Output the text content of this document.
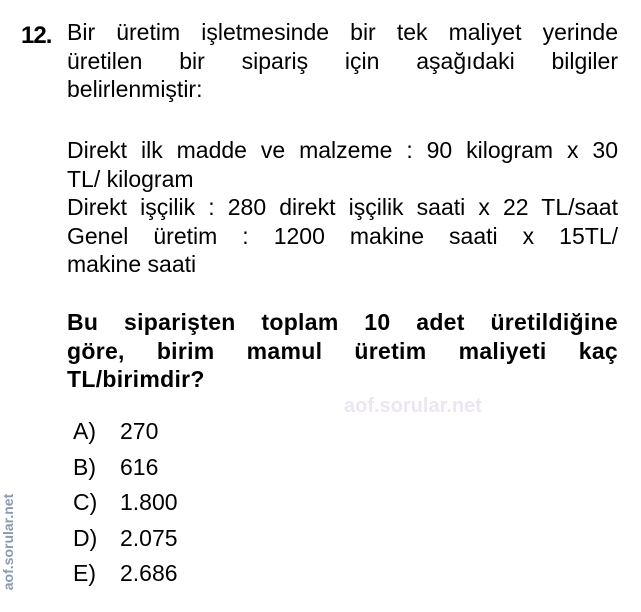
12. Bir üretim işletmesinde bir tek maliyet yerinde
üretilen bir sipariş için aşağıdaki bilgiler
belirlenmiştir:
Direkt ilk madde ve malzeme : 90 kilogram x 30
TL/ kilogram
Direkt işçilik : 280 direkt işçilik saati x 22 TL/saat
Genel üretim : 1200 makine saati x 15TL/
makine saati
Bu siparişten toplam 10 adet üretildiğine
göre, birim mamul üretim maliyeti kaç
TL/birimdir?
aof.sorular.net
aof.sorular.net
A) 270
B) 616
C) 1.800
D) 2.075
E) 2.686
